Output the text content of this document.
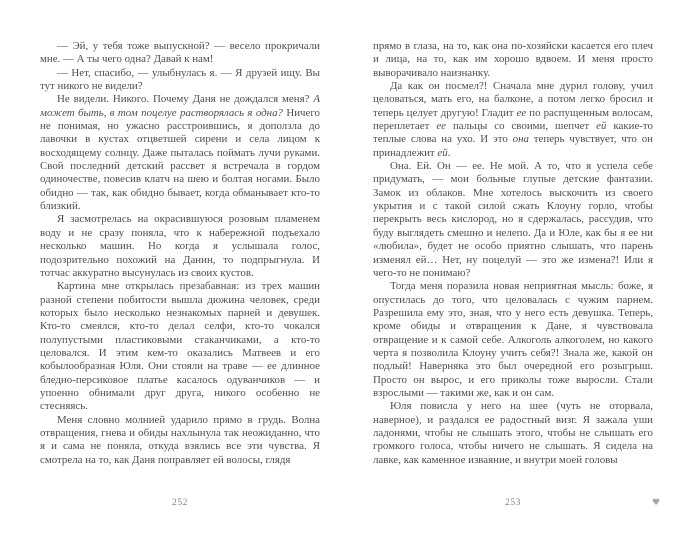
— Эй, у тебя тоже выпускной? — весело прокричали мне. — А ты чего одна? Давай к нам!

— Нет, спасибо, — улыбнулась я. — Я друзей ищу. Вы тут никого не видели?

Не видели. Никого. Почему Даня не дождался меня? А может быть, в том поцелуе растворялась я одна? Ничего не понимая, но ужасно расстроившись, я доползла до лавочки в кустах отцветшей сирени и села лицом к восходящему солнцу. Даже пыталась поймать лучи руками. Свой последний детский рассвет я встречала в гордом одиночестве, повесив клатч на шею и болтая ногами. Было обидно — так, как обидно бывает, когда обманывает кто-то близкий.

Я засмотрелась на окрасившуюся розовым пламенем воду и не сразу поняла, что к набережной подъехало несколько машин. Но когда я услышала голос, подозрительно похожий на Данин, то подпрыгнула. И тотчас аккуратно высунулась из своих кустов.

Картина мне открылась презабавная: из трех машин разной степени побитости вышла дюжина человек, среди которых было несколько незнакомых парней и девушек. Кто-то смеялся, кто-то делал селфи, кто-то чокался полупустыми пластиковыми стаканчиками, а кто-то целовался. И этим кем-то оказались Матвеев и его кобылообразная Юля. Они стояли на траве — ее длинное бледно-персиковое платье касалось одуванчиков — и упоенно обнимали друг друга, никого особенно не стесняясь.

Меня словно молнией ударило прямо в грудь. Волна отвращения, гнева и обиды нахлынула так неожиданно, что я и сама не поняла, откуда взялись все эти чувства. Я смотрела на то, как Даня поправляет ей волосы, глядя

прямо в глаза, на то, как она по-хозяйски касается его плеч и лица, на то, как им хорошо вдвоем. И меня просто выворачивало наизнанку.

Да как он посмел?! Сначала мне дурил голову, учил целоваться, мать его, на балконе, а потом легко бросил и теперь целует другую! Гладит ее по распущенным волосам, переплетает ее пальцы со своими, шепчет ей какие-то теплые слова на ухо. И это она теперь чувствует, что он принадлежит ей.

Она. Ей. Он — ее. Не мой. А то, что я успела себе придумать, — мои больные глупые детские фантазии. Замок из облаков. Мне хотелось выскочить из своего укрытия и с такой силой сжать Клоуну горло, чтобы перекрыть весь кислород, но я сдержалась, рассудив, что буду выглядеть смешно и нелепо. Да и Юле, как бы я ее ни «любила», будет не особо приятно слышать, что парень изменял ей… Нет, ну поцелуй — это же измена?! Или я чего-то не понимаю?

Тогда меня поразила новая неприятная мысль: боже, я опустилась до того, что целовалась с чужим парнем. Разрешила ему это, зная, что у него есть девушка. Теперь, кроме обиды и отвращения к Дане, я чувствовала отвращение и к самой себе. Алкоголь алкоголем, но какого черта я позволила Клоуну учить себя?! Знала же, какой он подлый! Наверняка это был очередной его розыгрыш. Просто он вырос, и его приколы тоже выросли. Стали взрослыми — такими же, как и он сам.

Юля повисла у него на шее (чуть не оторвала, наверное), и раздался ее радостный визг. Я зажала уши ладонями, чтобы не слышать этого, чтобы не слышать его громкого голоса, чтобы ничего не слышать. Я сидела на лавке, как каменное изваяние, и внутри моей головы

252	253	♥
